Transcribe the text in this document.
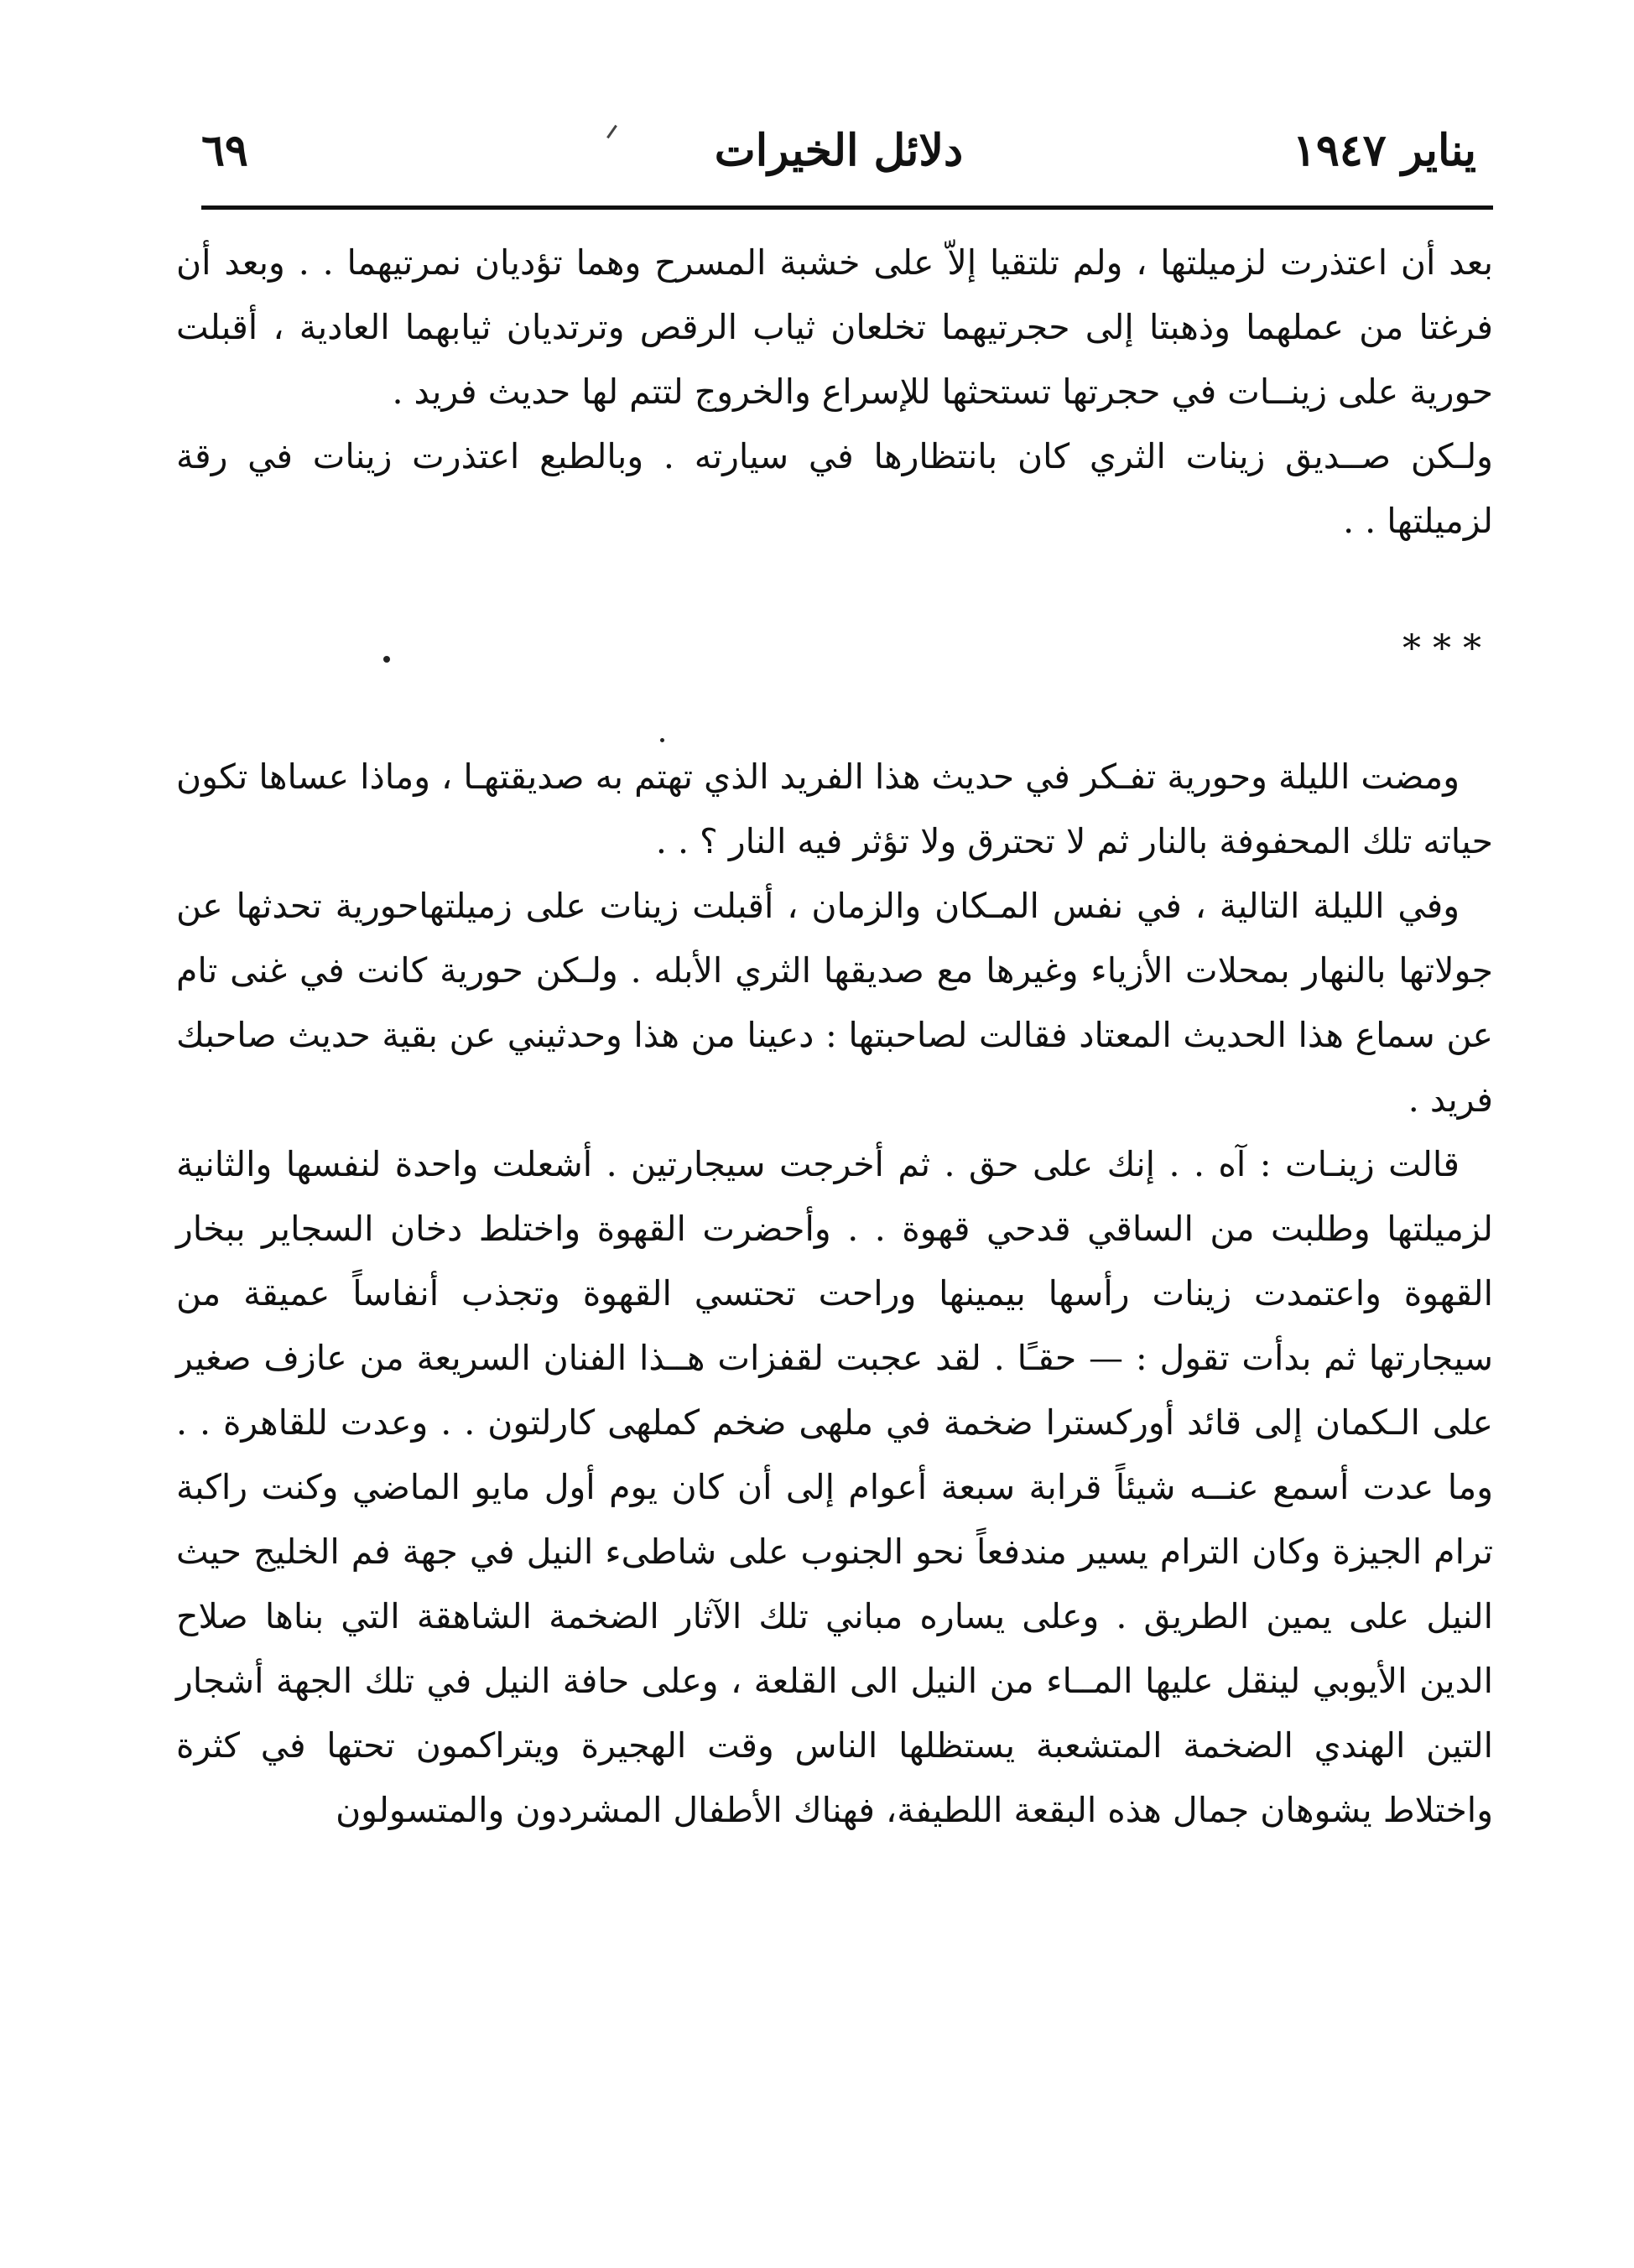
يناير ١٩٤٧
دلائل الخيرات
٦٩

بعد أن اعتذرت لزميلتها ، ولم تلتقيا إلاّ على خشبة المسرح وهما تؤديان نمرتيهما . . وبعد أن فرغتا من عملهما وذهبتا إلى حجرتيهما تخلعان ثياب الرقص وترتديان ثيابهما العادية ، أقبلت حورية على زينــات في حجرتها تستحثها للإسراع والخروج لتتم لها حديث فريد .

ولـكن صــديق زينات الثري كان بانتظارها في سيارته . وبالطبع اعتذرت زينات في رقة لزميلتها . .

***

ومضت الليلة وحورية تفـكر في حديث هذا الفريد الذي تهتم به صديقتهـا ، وماذا عساها تكون حياته تلك المحفوفة بالنار ثم لا تحترق ولا تؤثر فيه النار ؟ . .

وفي الليلة التالية ، في نفس المـكان والزمان ، أقبلت زينات على زميلتهاحورية تحدثها عن جولاتها بالنهار بمحلات الأزياء وغيرها مع صديقها الثري الأبله . ولـكن حورية كانت في غنى تام عن سماع هذا الحديث المعتاد فقالت لصاحبتها : دعينا من هذا وحدثيني عن بقية حديث صاحبك فريد .

قالت زينـات : آه . . إنك على حق . ثم أخرجت سيجارتين . أشعلت واحدة لنفسها والثانية لزميلتها وطلبت من الساقي قدحي قهوة . . وأحضرت القهوة واختلط دخان السجاير ببخار القهوة واعتمدت زينات رأسها بيمينها وراحت تحتسي القهوة وتجذب أنفاساً عميقة من سيجارتها ثم بدأت تقول : — حقـًا . لقد عجبت لقفزات هــذا الفنان السريعة من عازف صغير على الـكمان إلى قائد أوركسترا ضخمة في ملهى ضخم كملهى كارلتون . . وعدت للقاهرة . . وما عدت أسمع عنــه شيئاً قرابة سبعة أعوام إلى أن كان يوم أول مايو الماضي وكنت راكبة ترام الجيزة وكان الترام يسير مندفعاً نحو الجنوب على شاطىء النيل في جهة فم الخليج حيث النيل على يمين الطريق . وعلى يساره مباني تلك الآثار الضخمة الشاهقة التي بناها صلاح الدين الأيوبي لينقل عليها المــاء من النيل الى القلعة ، وعلى حافة النيل في تلك الجهة أشجار التين الهندي الضخمة المتشعبة يستظلها الناس وقت الهجيرة ويتراكمون تحتها في كثرة واختلاط يشوهان جمال هذه البقعة اللطيفة، فهناك الأطفال المشردون والمتسولون
